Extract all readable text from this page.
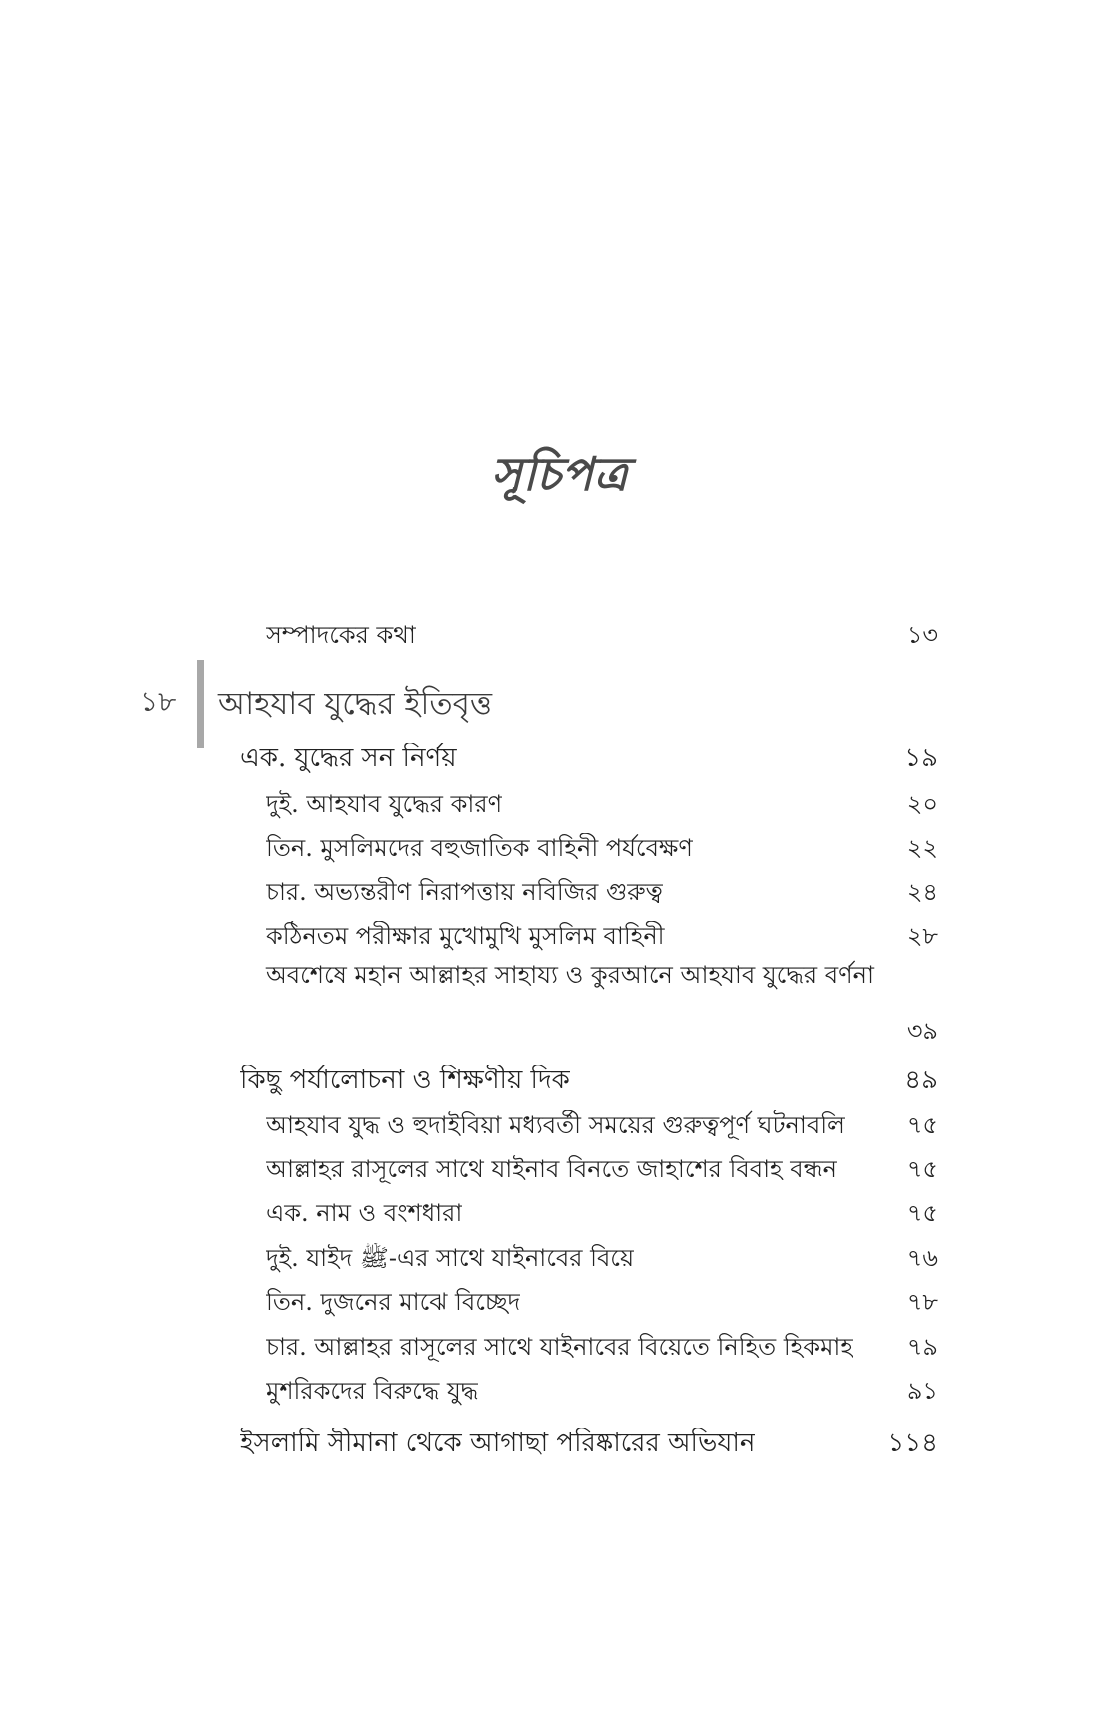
সূচিপত্র
সম্পাদকের কথা	১৩
১৮ আহযাব যুদ্ধের ইতিবৃত্ত
এক. যুদ্ধের সন নির্ণয়	১৯
দুই. আহযাব যুদ্ধের কারণ	২০
তিন. মুসলিমদের বহুজাতিক বাহিনী পর্যবেক্ষণ	২২
চার. অভ্যন্তরীণ নিরাপত্তায় নবিজির গুরুত্ব	২৪
কঠিনতম পরীক্ষার মুখোমুখি মুসলিম বাহিনী	২৮
অবশেষে মহান আল্লাহর সাহায্য ও কুরআনে আহযাব যুদ্ধের বর্ণনা
৩৯
কিছু পর্যালোচনা ও শিক্ষণীয় দিক	৪৯
আহযাব যুদ্ধ ও হুদাইবিয়া মধ্যবর্তী সময়ের গুরুত্বপূর্ণ ঘটনাবলি	৭৫
আল্লাহর রাসূলের সাথে যাইনাব বিনতে জাহাশের বিবাহ বন্ধন	৭৫
এক. নাম ও বংশধারা	৭৫
দুই. যাইদ ﷺ-এর সাথে যাইনাবের বিয়ে	৭৬
তিন. দুজনের মাঝে বিচ্ছেদ	৭৮
চার. আল্লাহর রাসূলের সাথে যাইনাবের বিয়েতে নিহিত হিকমাহ	৭৯
মুশরিকদের বিরুদ্ধে যুদ্ধ	৯১
ইসলামি সীমানা থেকে আগাছা পরিষ্কারের অভিযান	১১৪
